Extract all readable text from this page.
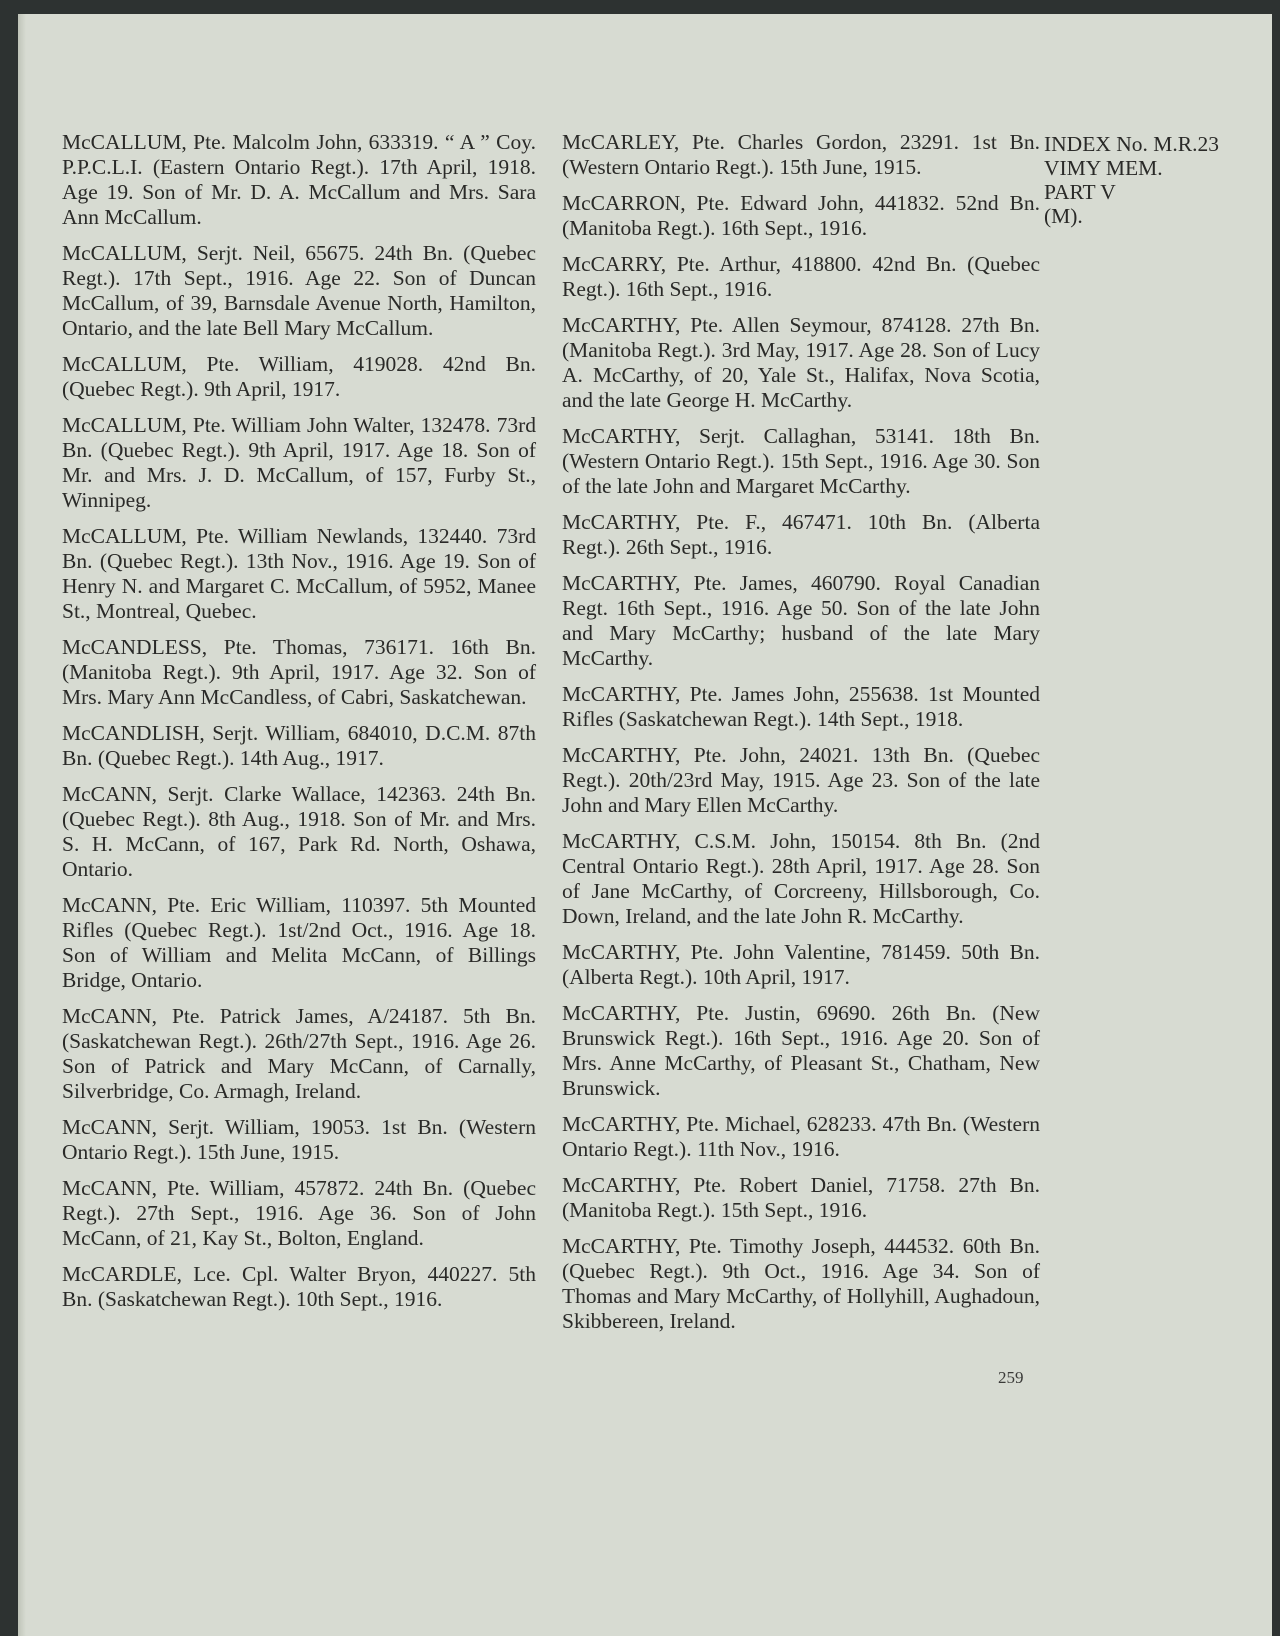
McCALLUM, Pte. Malcolm John, 633319. “ A ” Coy. P.P.C.L.I. (Eastern Ontario Regt.). 17th April, 1918. Age 19. Son of Mr. D. A. McCallum and Mrs. Sara Ann McCallum.

McCALLUM, Serjt. Neil, 65675. 24th Bn. (Quebec Regt.). 17th Sept., 1916. Age 22. Son of Duncan McCallum, of 39, Barnsdale Avenue North, Hamilton, Ontario, and the late Bell Mary McCallum.

McCALLUM, Pte. William, 419028. 42nd Bn. (Quebec Regt.). 9th April, 1917.

McCALLUM, Pte. William John Walter, 132478. 73rd Bn. (Quebec Regt.). 9th April, 1917. Age 18. Son of Mr. and Mrs. J. D. McCallum, of 157, Furby St., Winnipeg.

McCALLUM, Pte. William Newlands, 132440. 73rd Bn. (Quebec Regt.). 13th Nov., 1916. Age 19. Son of Henry N. and Margaret C. McCallum, of 5952, Manee St., Montreal, Quebec.

McCANDLESS, Pte. Thomas, 736171. 16th Bn. (Manitoba Regt.). 9th April, 1917. Age 32. Son of Mrs. Mary Ann McCandless, of Cabri, Saskatchewan.

McCANDLISH, Serjt. William, 684010, D.C.M. 87th Bn. (Quebec Regt.). 14th Aug., 1917.

McCANN, Serjt. Clarke Wallace, 142363. 24th Bn. (Quebec Regt.). 8th Aug., 1918. Son of Mr. and Mrs. S. H. McCann, of 167, Park Rd. North, Oshawa, Ontario.

McCANN, Pte. Eric William, 110397. 5th Mounted Rifles (Quebec Regt.). 1st/2nd Oct., 1916. Age 18. Son of William and Melita McCann, of Billings Bridge, Ontario.

McCANN, Pte. Patrick James, A/24187. 5th Bn. (Saskatchewan Regt.). 26th/27th Sept., 1916. Age 26. Son of Patrick and Mary McCann, of Carnally, Silverbridge, Co. Armagh, Ireland.

McCANN, Serjt. William, 19053. 1st Bn. (Western Ontario Regt.). 15th June, 1915.

McCANN, Pte. William, 457872. 24th Bn. (Quebec Regt.). 27th Sept., 1916. Age 36. Son of John McCann, of 21, Kay St., Bolton, England.

McCARDLE, Lce. Cpl. Walter Bryon, 440227. 5th Bn. (Saskatchewan Regt.). 10th Sept., 1916.

McCARLEY, Pte. Charles Gordon, 23291. 1st Bn. (Western Ontario Regt.). 15th June, 1915.

McCARRON, Pte. Edward John, 441832. 52nd Bn. (Manitoba Regt.). 16th Sept., 1916.

McCARRY, Pte. Arthur, 418800. 42nd Bn. (Quebec Regt.). 16th Sept., 1916.

McCARTHY, Pte. Allen Seymour, 874128. 27th Bn. (Manitoba Regt.). 3rd May, 1917. Age 28. Son of Lucy A. McCarthy, of 20, Yale St., Halifax, Nova Scotia, and the late George H. McCarthy.

McCARTHY, Serjt. Callaghan, 53141. 18th Bn. (Western Ontario Regt.). 15th Sept., 1916. Age 30. Son of the late John and Margaret McCarthy.

McCARTHY, Pte. F., 467471. 10th Bn. (Alberta Regt.). 26th Sept., 1916.

McCARTHY, Pte. James, 460790. Royal Canadian Regt. 16th Sept., 1916. Age 50. Son of the late John and Mary McCarthy; husband of the late Mary McCarthy.

McCARTHY, Pte. James John, 255638. 1st Mounted Rifles (Saskatchewan Regt.). 14th Sept., 1918.

McCARTHY, Pte. John, 24021. 13th Bn. (Quebec Regt.). 20th/23rd May, 1915. Age 23. Son of the late John and Mary Ellen McCarthy.

McCARTHY, C.S.M. John, 150154. 8th Bn. (2nd Central Ontario Regt.). 28th April, 1917. Age 28. Son of Jane McCarthy, of Corcreeny, Hillsborough, Co. Down, Ireland, and the late John R. McCarthy.

McCARTHY, Pte. John Valentine, 781459. 50th Bn. (Alberta Regt.). 10th April, 1917.

McCARTHY, Pte. Justin, 69690. 26th Bn. (New Brunswick Regt.). 16th Sept., 1916. Age 20. Son of Mrs. Anne McCarthy, of Pleasant St., Chatham, New Brunswick.

McCARTHY, Pte. Michael, 628233. 47th Bn. (Western Ontario Regt.). 11th Nov., 1916.

McCARTHY, Pte. Robert Daniel, 71758. 27th Bn. (Manitoba Regt.). 15th Sept., 1916.

McCARTHY, Pte. Timothy Joseph, 444532. 60th Bn. (Quebec Regt.). 9th Oct., 1916. Age 34. Son of Thomas and Mary McCarthy, of Hollyhill, Aughadoun, Skibbereen, Ireland.

INDEX No. M.R.23
VIMY MEM.
PART V
(M).
259
